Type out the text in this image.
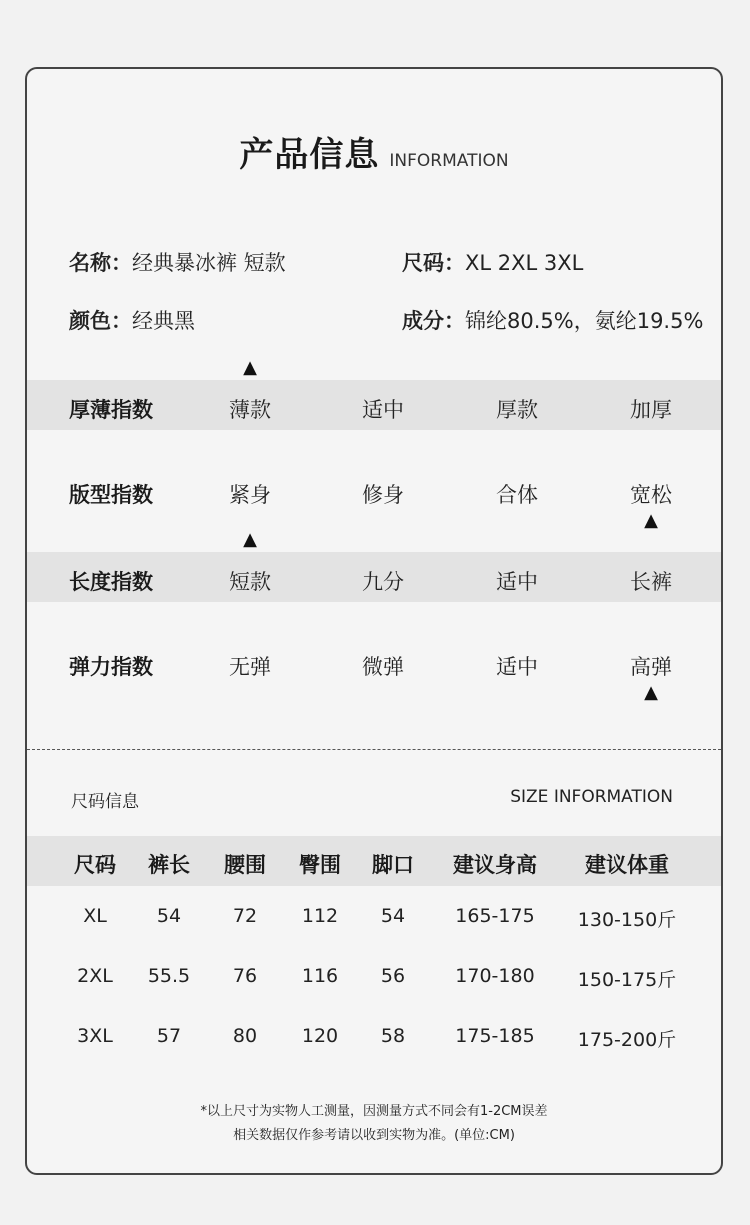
产品信息 INFORMATION
名称：经典暴冰裤 短款	尺码：XL 2XL 3XL
颜色：经典黑	成分：锦纶80.5%，氨纶19.5%
厚薄指数	薄款	适中	厚款	加厚
▲
版型指数	紧身	修身	合体	宽松
▲
长度指数	短款	九分	适中	长裤
▲
弹力指数	无弹	微弹	适中	高弹
▲
尺码信息	SIZE INFORMATION
尺码	裤长	腰围	臀围	脚口	建议身高	建议体重
XL	54	72	112	54	165-175	130-150斤
2XL	55.5	76	116	56	170-180	150-175斤
3XL	57	80	120	58	175-185	175-200斤
*以上尺寸为实物人工测量，因测量方式不同会有1-2CM误差
相关数据仅作参考请以收到实物为准。(单位:CM)
